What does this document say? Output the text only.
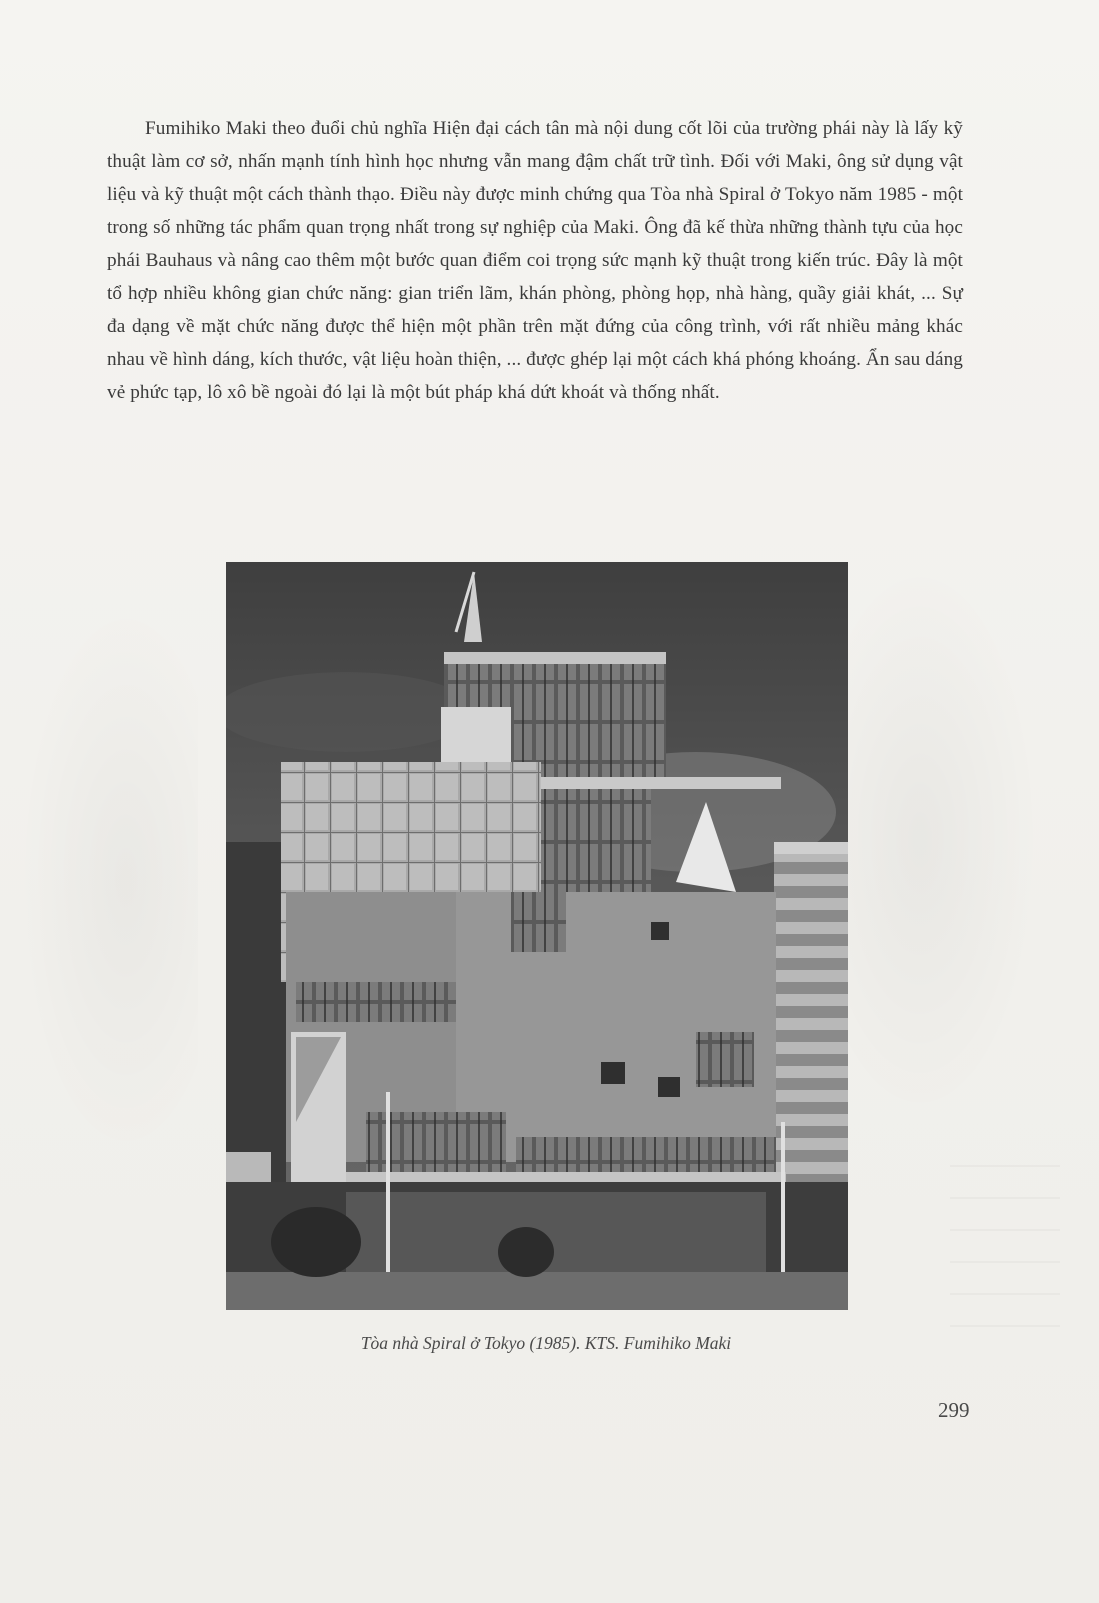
Fumihiko Maki theo đuổi chủ nghĩa Hiện đại cách tân mà nội dung cốt lõi của trường phái này là lấy kỹ thuật làm cơ sở, nhấn mạnh tính hình học nhưng vẫn mang đậm chất trữ tình. Đối với Maki, ông sử dụng vật liệu và kỹ thuật một cách thành thạo. Điều này được minh chứng qua Tòa nhà Spiral ở Tokyo năm 1985 - một trong số những tác phẩm quan trọng nhất trong sự nghiệp của Maki. Ông đã kế thừa những thành tựu của học phái Bauhaus và nâng cao thêm một bước quan điểm coi trọng sức mạnh kỹ thuật trong kiến trúc. Đây là một tổ hợp nhiều không gian chức năng: gian triển lãm, khán phòng, phòng họp, nhà hàng, quầy giải khát, ... Sự đa dạng về mặt chức năng được thể hiện một phần trên mặt đứng của công trình, với rất nhiều mảng khác nhau về hình dáng, kích thước, vật liệu hoàn thiện, ... được ghép lại một cách khá phóng khoáng. Ẩn sau dáng vẻ phức tạp, lô xô bề ngoài đó lại là một bút pháp khá dứt khoát và thống nhất.

Tòa nhà Spiral ở Tokyo (1985). KTS. Fumihiko Maki

299
